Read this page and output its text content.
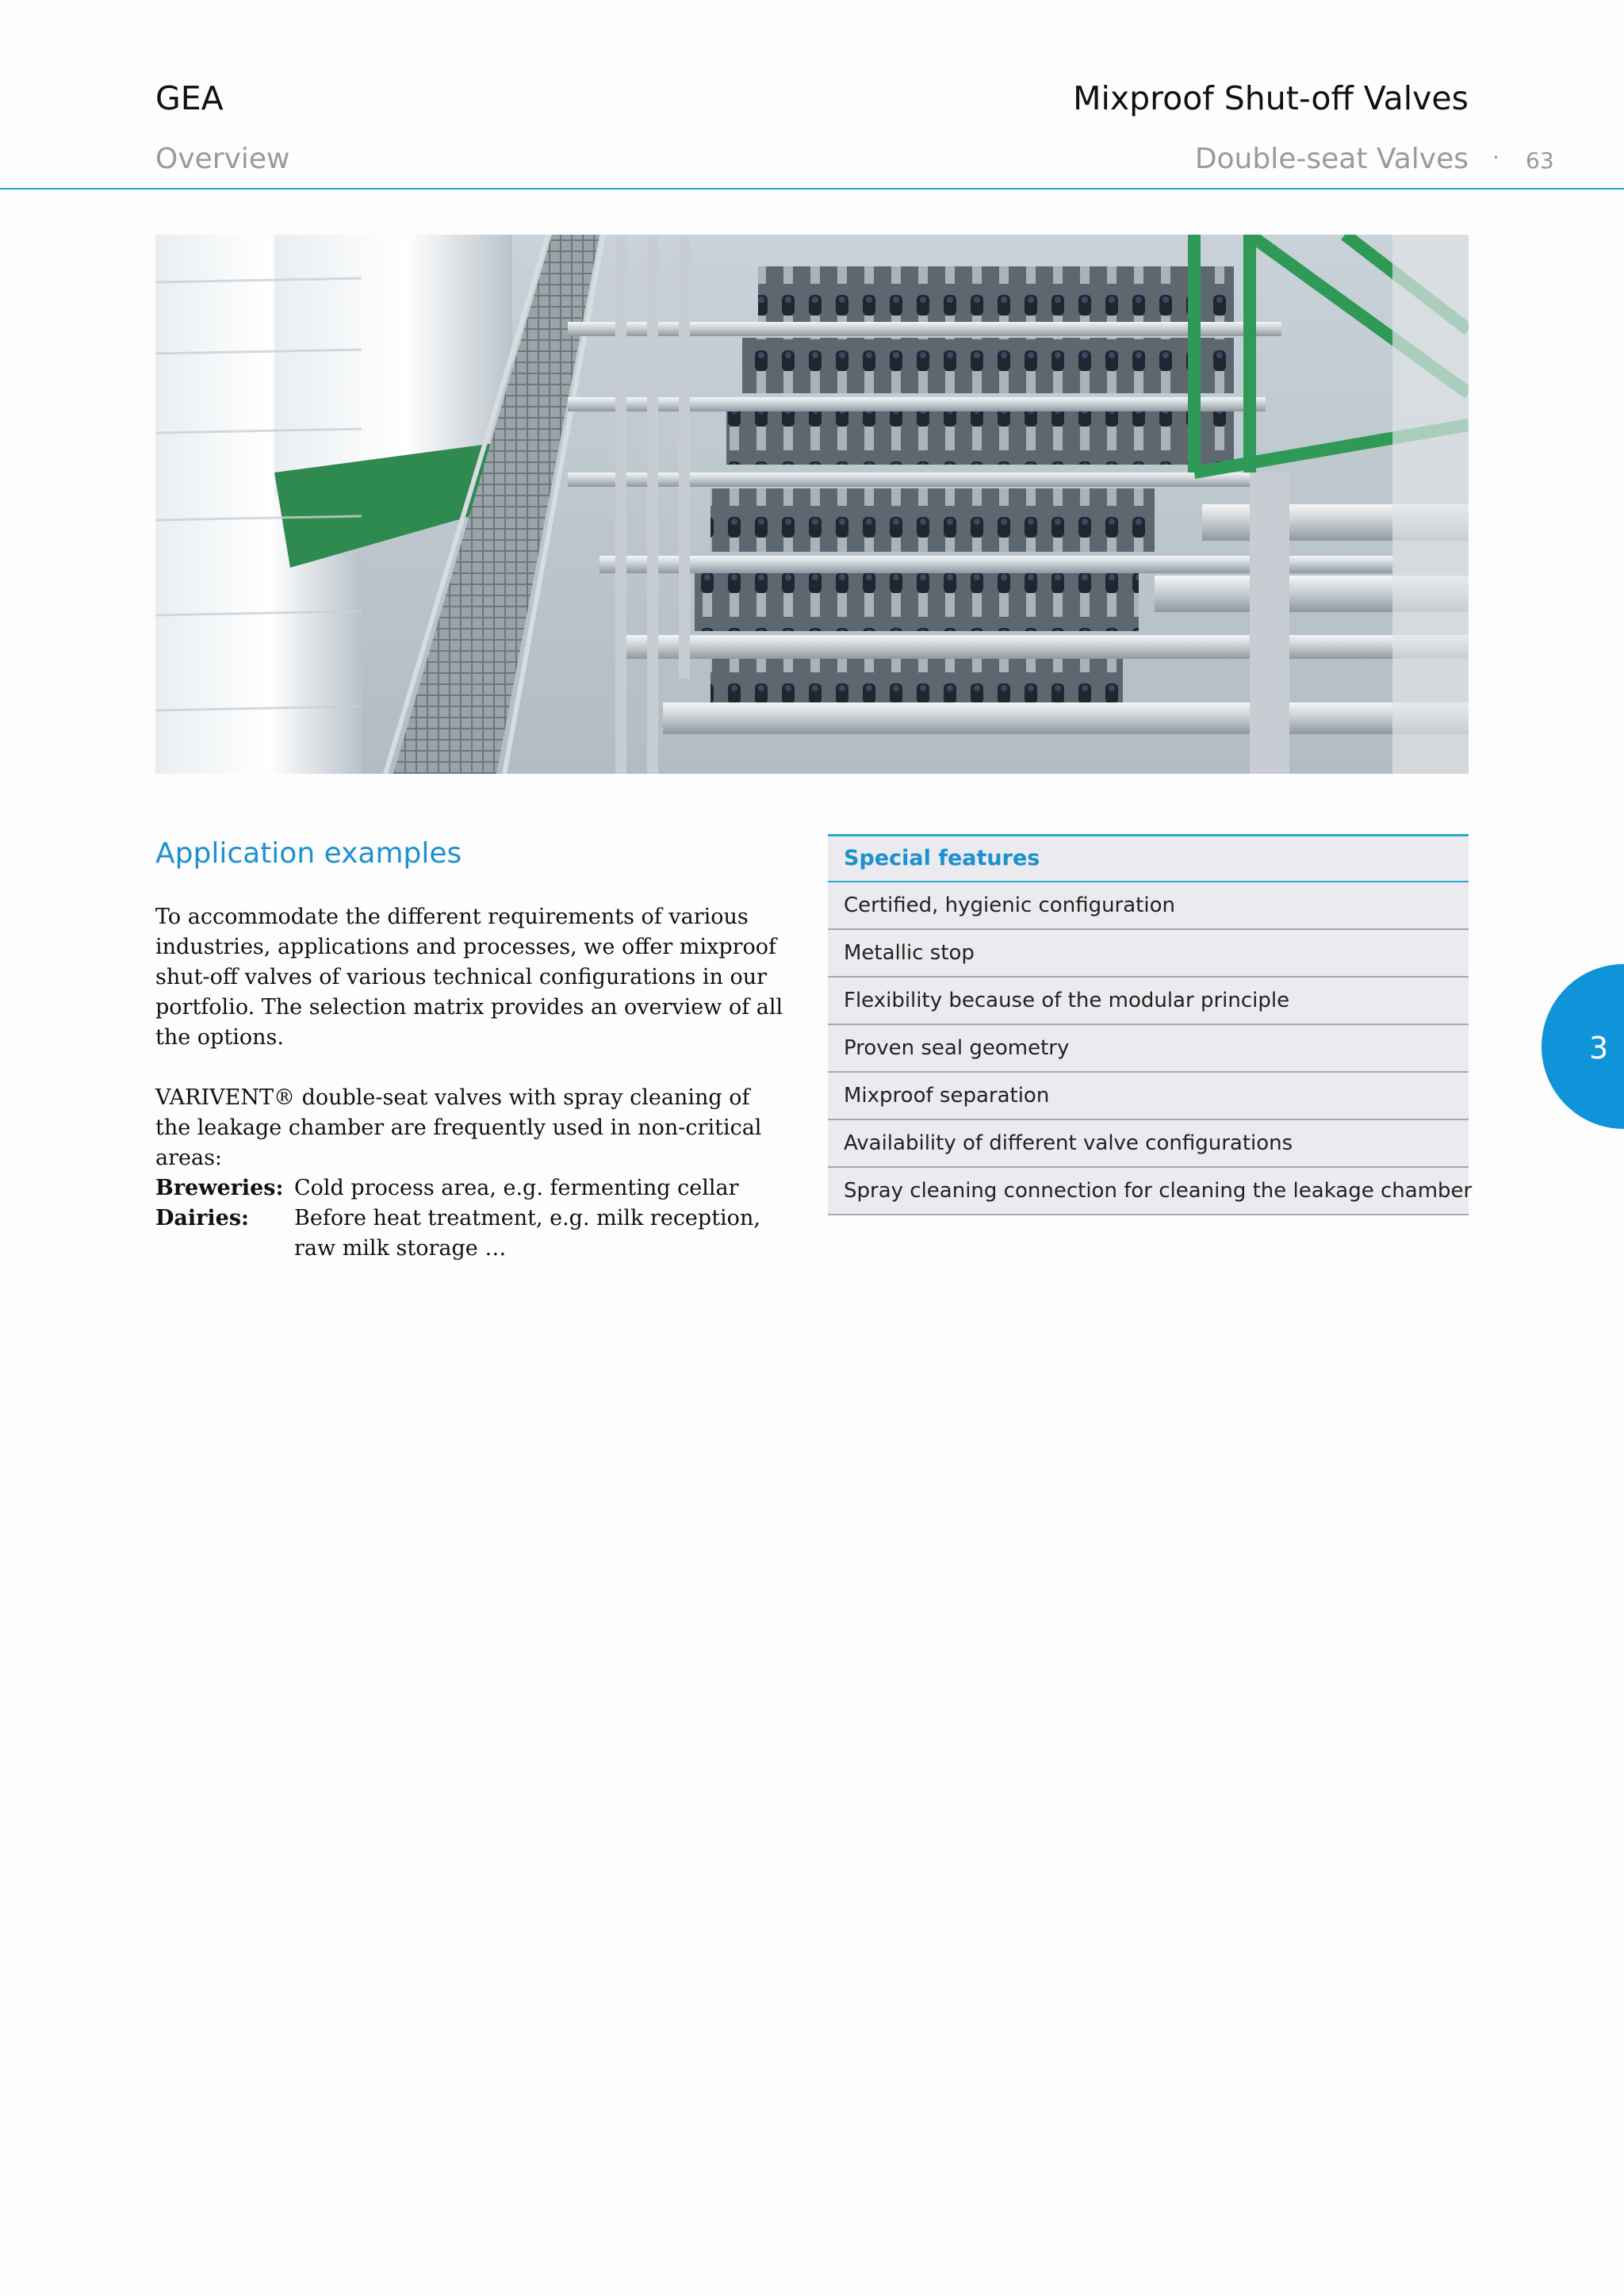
GEA	Mixproof Shut-off Valves
Overview	Double-seat Valves · 63
Application examples

To accommodate the different requirements of various industries, applications and processes, we offer mixproof shut-off valves of various technical configurations in our portfolio. The selection matrix provides an overview of all the options.

VARIVENT® double-seat valves with spray cleaning of the leakage chamber are frequently used in non-critical areas:

Breweries: Cold process area, e.g. fermenting cellar
Dairies:	Before heat treatment, e.g. milk reception, raw milk storage …
Special features
Certified, hygienic configuration
Metallic stop
Flexibility because of the modular principle
Proven seal geometry
Mixproof separation
Availability of different valve configurations
Spray cleaning connection for cleaning the leakage chamber
3
